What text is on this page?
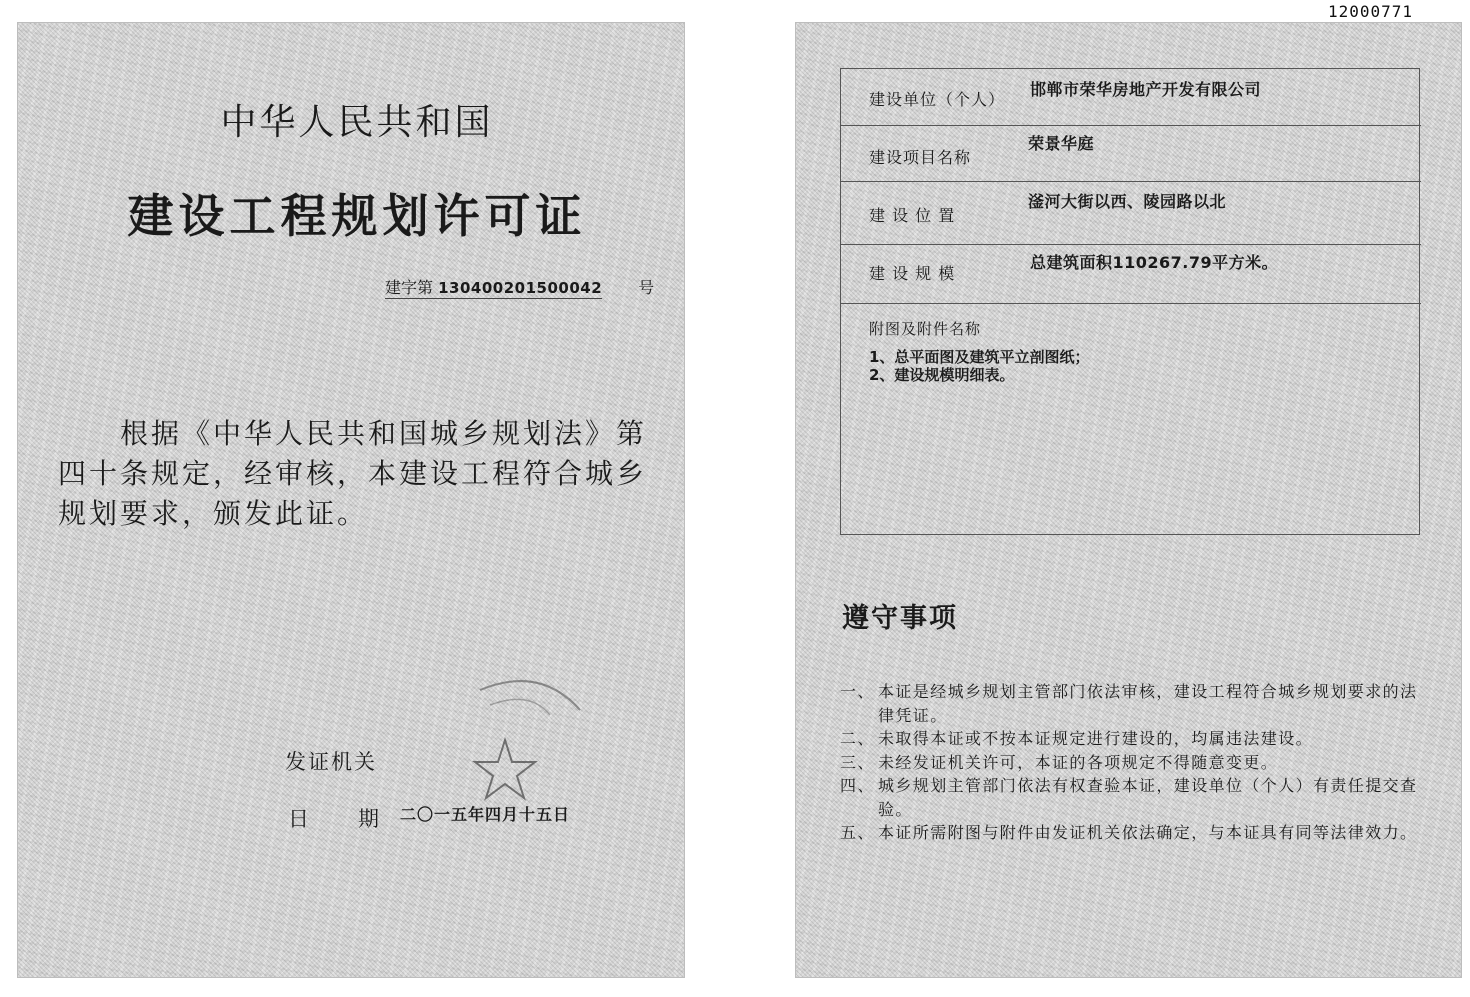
12000771
中华人民共和国
建设工程规划许可证
建字第 130400201500042 号
根据《中华人民共和国城乡规划法》第
四十条规定，经审核，本建设工程符合城乡
规划要求，颁发此证。
发证机关
日 期 二〇一五年四月十五日
建设单位（个人）
邯郸市荣华房地产开发有限公司
建设项目名称
荣景华庭
建 设 位 置
滏河大街以西、陵园路以北
建 设 规 模
总建筑面积110267.79平方米。
附图及附件名称
1、总平面图及建筑平立剖图纸；
2、建设规模明细表。
遵守事项
一、 本证是经城乡规划主管部门依法审核，建设工程符合城乡规划要求的法律凭证。
二、 未取得本证或不按本证规定进行建设的，均属违法建设。
三、 未经发证机关许可，本证的各项规定不得随意变更。
四、 城乡规划主管部门依法有权查验本证，建设单位（个人）有责任提交查验。
五、 本证所需附图与附件由发证机关依法确定，与本证具有同等法律效力。
